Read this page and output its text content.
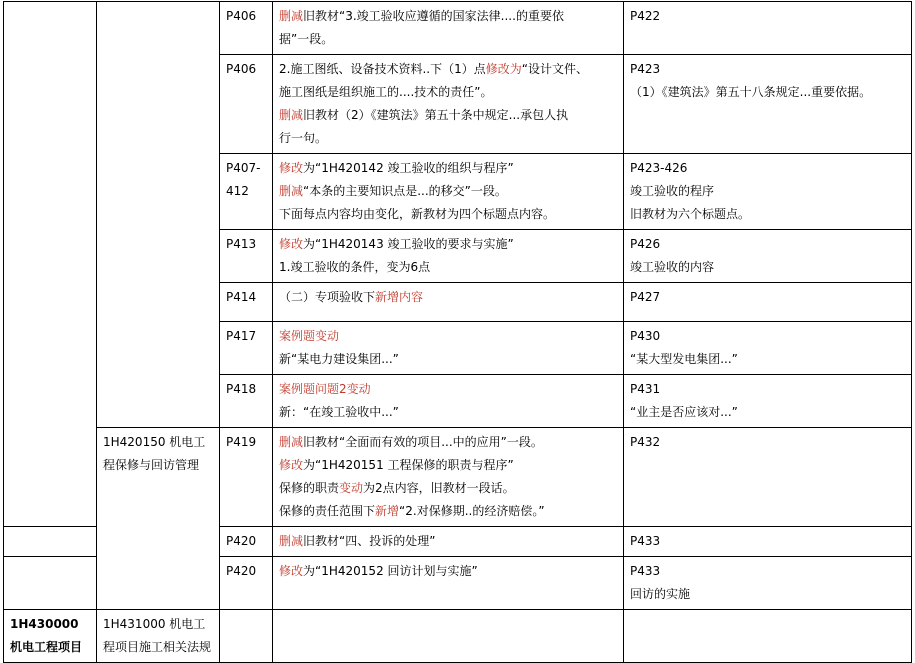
		P406	删减旧教材“3.竣工验收应遵循的国家法律....的重要依
据”一段。	P422

		P406	2.施工图纸、设备技术资料..下（1）点修改为“设计文件、
施工图纸是组织施工的....技术的责任”。
删减旧教材（2）《建筑法》第五十条中规定...承包人执
行一句。	P423
（1）《建筑法》第五十八条规定...重要依据。

		P407-412	修改为“1H420142 竣工验收的组织与程序”
删减“本条的主要知识点是...的移交”一段。
下面每点内容均由变化，新教材为四个标题点内容。	P423-426
竣工验收的程序
旧教材为六个标题点。

		P413	修改为“1H420143 竣工验收的要求与实施”
1.竣工验收的条件，变为6点	P426
竣工验收的内容

		P414	（二）专项验收下新增内容	P427

		P417	案例题变动
新“某电力建设集团...”	P430
“某大型发电集团...”

		P418	案例题问题2变动
新：“在竣工验收中...”	P431
“业主是否应该对...”

	1H420150 机电工程保修与回访管理	P419	删减旧教材“全面而有效的项目...中的应用”一段。
修改为“1H420151 工程保修的职责与程序”
保修的职责变动为2点内容，旧教材一段话。
保修的责任范围下新增“2.对保修期..的经济赔偿。”	P432

		P420	删减旧教材“四、投诉的处理”	P433

		P420	修改为“1H420152 回访计划与实施”	P433
回访的实施

1H430000 机电工程项目	1H431000 机电工程项目施工相关法规			
